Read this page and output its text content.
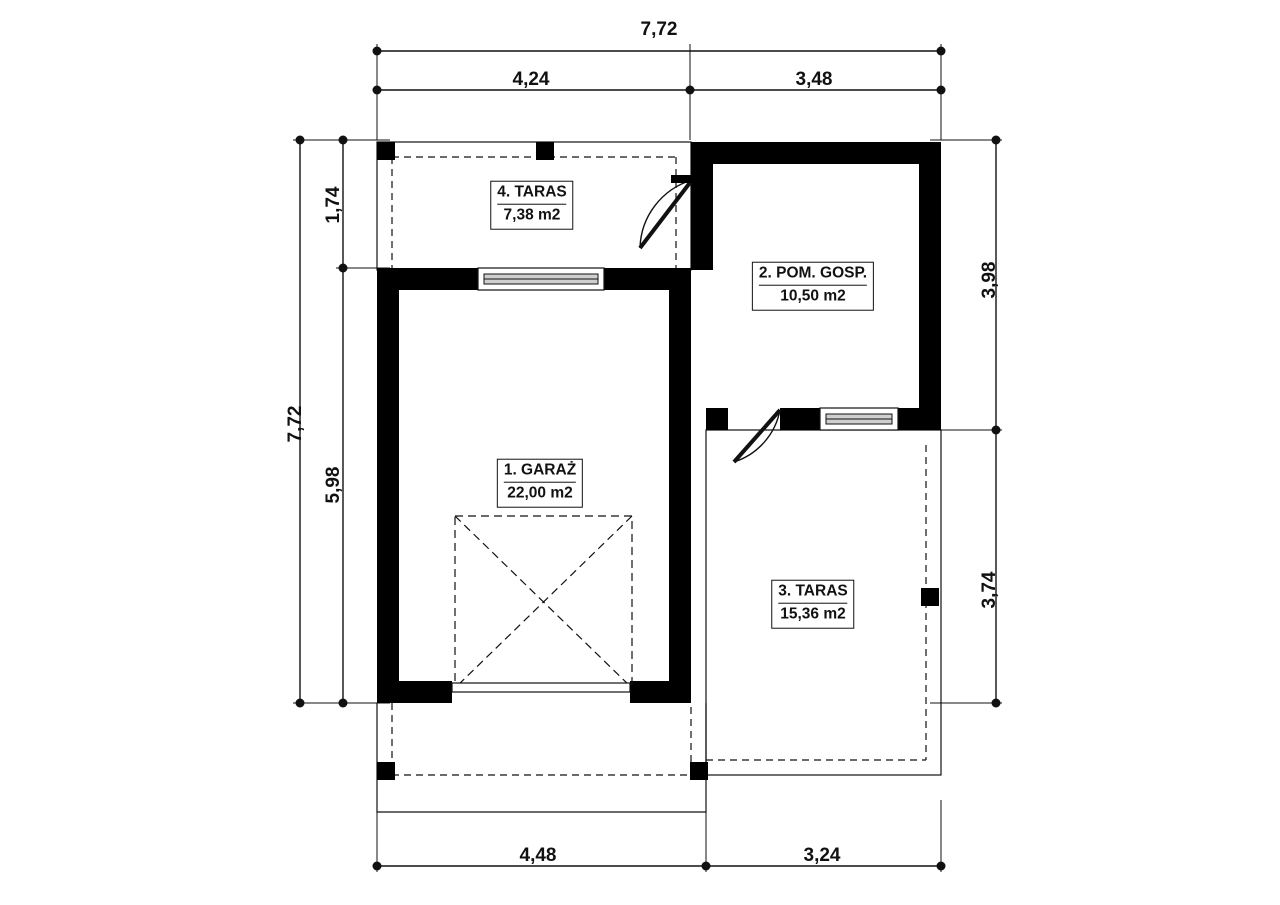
7,72
4,24	3,48
4,48	3,24
7,72
1,74
5,98
3,98
3,74
4. TARAS
7,38 m2
2. POM. GOSP.
10,50 m2
1. GARAŻ
22,00 m2
3. TARAS
15,36 m2
